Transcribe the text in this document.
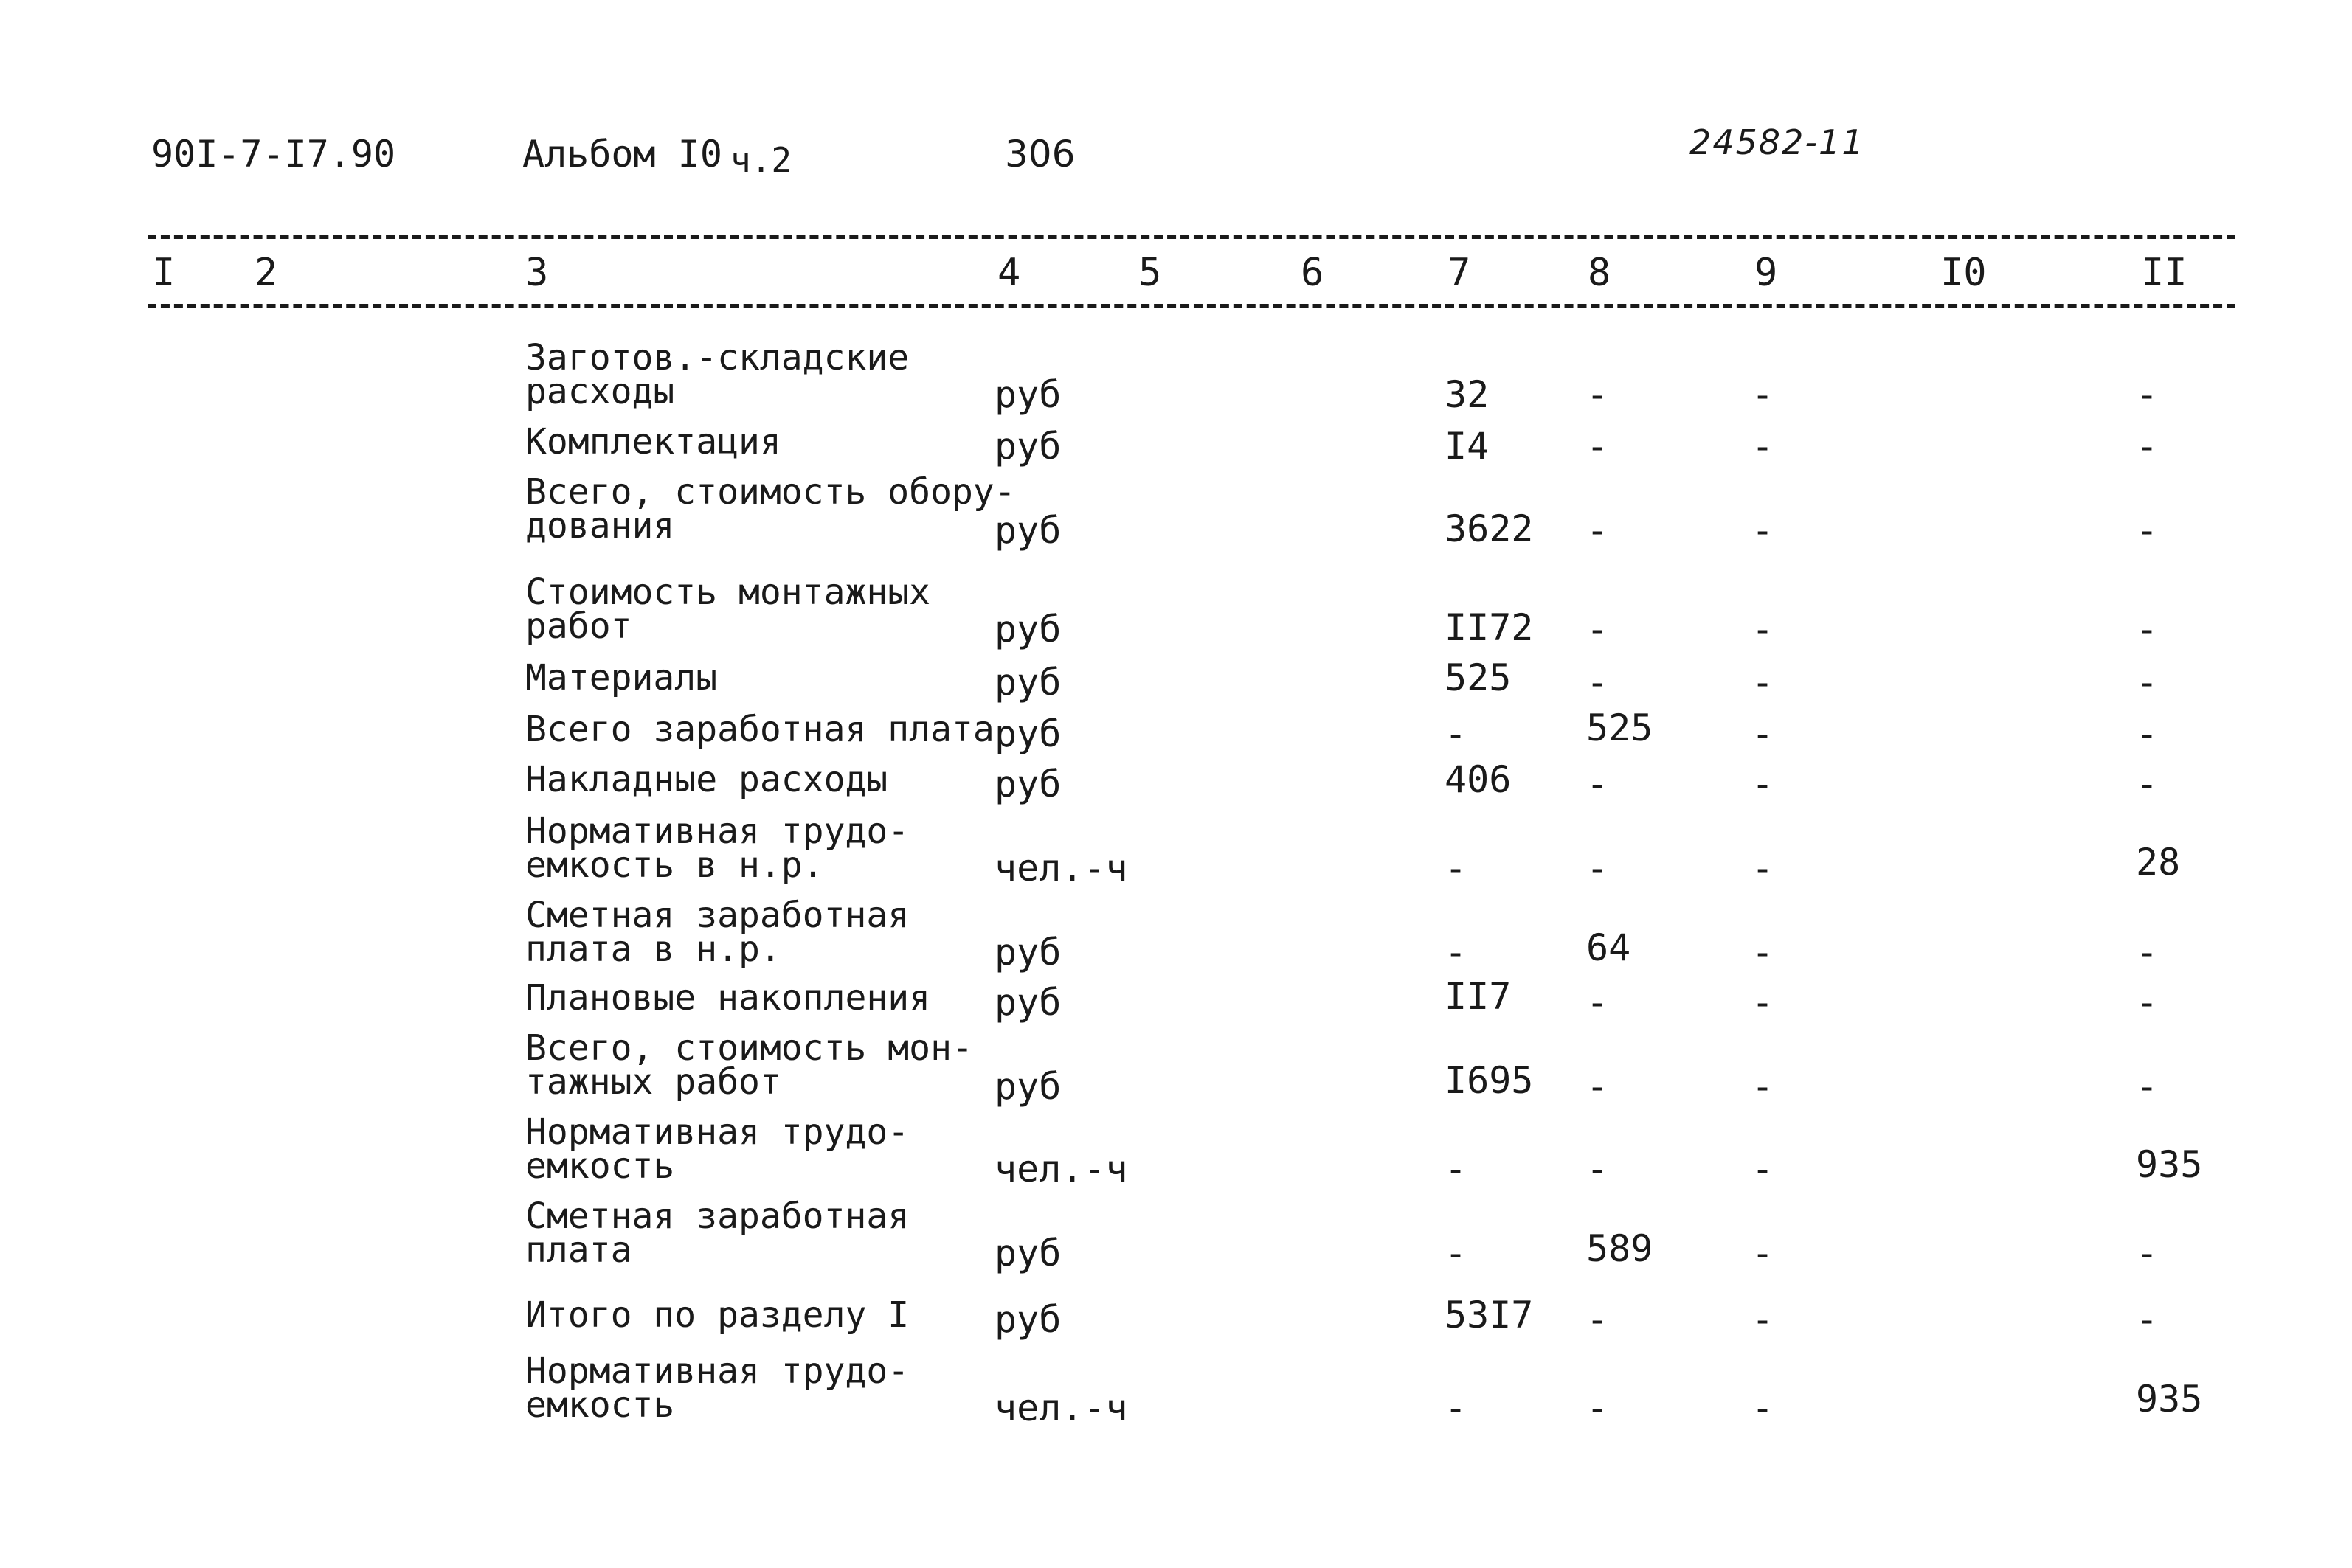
90I-7-I7.90	Альбом I0 ч.2	306	24582-11
I 2	3	4	5	6	7	8	9	I0	II
Заготов.-складские
расходы	руб	32	-	-	-
Комплектация	руб	I4	-	-	-
Всего, стоимость обору-
дования	руб	3622 -	-	-
Стоимость монтажных
работ	руб	II72 -	-	-
Материалы	руб	525 -	-	-
Всего заработная плата руб	-	525	-	-
Накладные расходы	руб	406 -	-	-
Нормативная трудо-
емкость в н.р.	чел.-ч	-	-	-	28
Сметная заработная
плата в н.р.	руб	-	64	-	-
Плановые накопления руб	II7 -	-	-
Всего, стоимость мон-
тажных работ	руб	I695 -	-	-
Нормативная трудо-
емкость	чел.-ч	-	-	-	935
Сметная заработная
плата	руб	-	589	-	-
Итого по разделу I руб	53I7 -	-	-
Нормативная трудо-
емкость	чел.-ч	-	-	-	935
